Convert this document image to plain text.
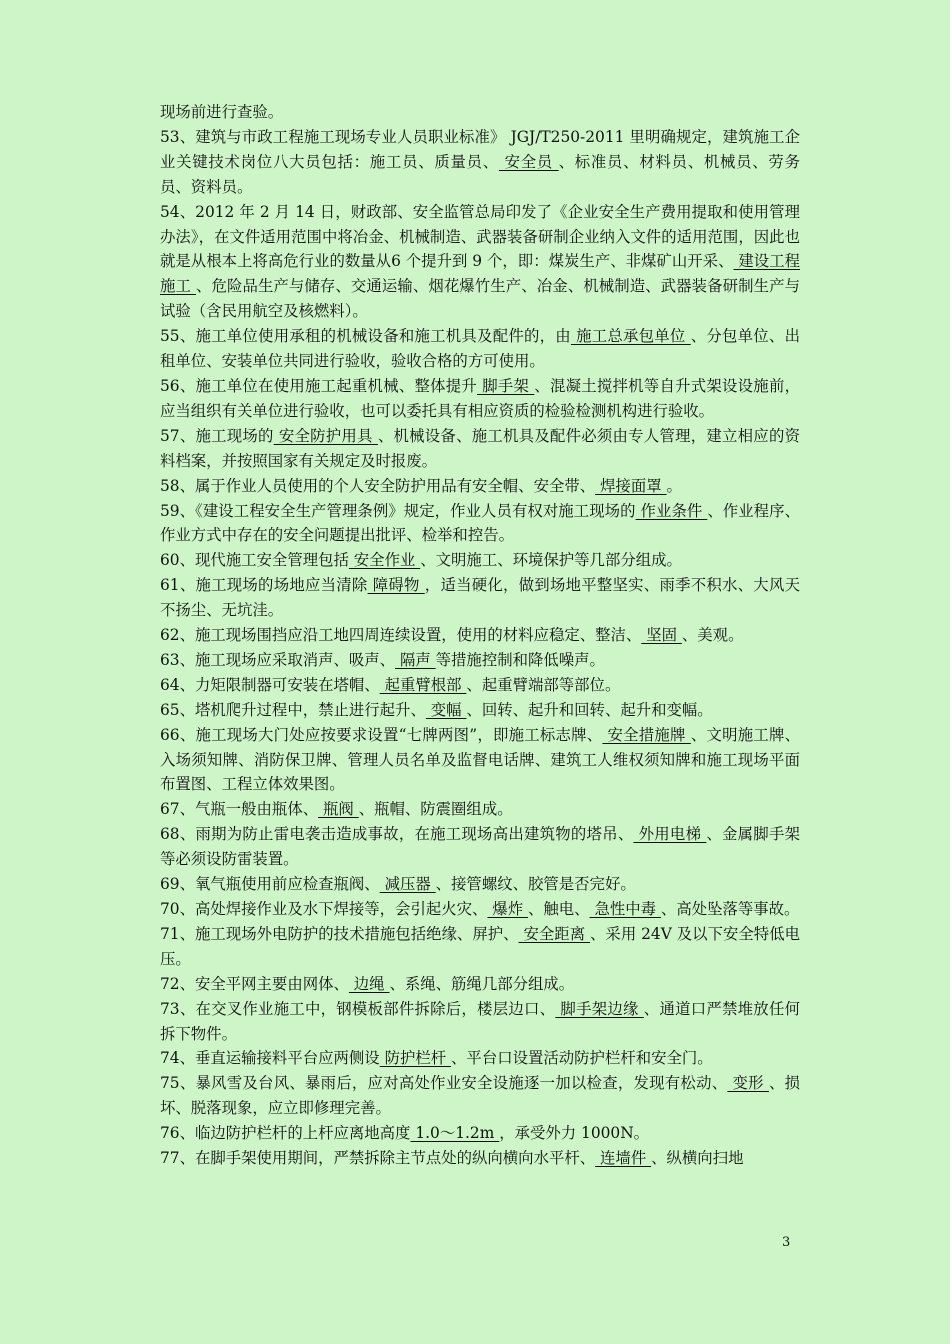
现场前进行查验。

53、建筑与市政工程施工现场专业人员职业标准》 JGJ/T250-2011 里明确规定，建筑施工企业关键技术岗位八大员包括：施工员、质量员、 安全员 、标准员、材料员、机械员、劳务员、资料员。

54、2012 年 2 月 14 日，财政部、安全监管总局印发了《企业安全生产费用提取和使用管理办法》，在文件适用范围中将冶金、机械制造、武器装备研制企业纳入文件的适用范围，因此也就是从根本上将高危行业的数量从6 个提升到 9 个，即：煤炭生产、非煤矿山开采、 建设工程施工 、危险品生产与储存、交通运输、烟花爆竹生产、冶金、机械制造、武器装备研制生产与试验（含民用航空及核燃料）。

55、施工单位使用承租的机械设备和施工机具及配件的，由 施工总承包单位 、分包单位、出租单位、安装单位共同进行验收，验收合格的方可使用。

56、施工单位在使用施工起重机械、整体提升 脚手架 、混凝土搅拌机等自升式架设设施前，应当组织有关单位进行验收，也可以委托具有相应资质的检验检测机构进行验收。

57、施工现场的 安全防护用具 、机械设备、施工机具及配件必须由专人管理，建立相应的资料档案，并按照国家有关规定及时报废。

58、属于作业人员使用的个人安全防护用品有安全帽、安全带、 焊接面罩 。

59、《建设工程安全生产管理条例》规定，作业人员有权对施工现场的 作业条件 、作业程序、作业方式中存在的安全问题提出批评、检举和控告。

60、现代施工安全管理包括 安全作业 、文明施工、环境保护等几部分组成。

61、施工现场的场地应当清除 障碍物 ，适当硬化，做到场地平整坚实、雨季不积水、大风天不扬尘、无坑洼。

62、施工现场围挡应沿工地四周连续设置，使用的材料应稳定、整洁、 坚固 、美观。

63、施工现场应采取消声、吸声、 隔声 等措施控制和降低噪声。

64、力矩限制器可安装在塔帽、 起重臂根部 、起重臂端部等部位。

65、塔机爬升过程中，禁止进行起升、 变幅 、回转、起升和回转、起升和变幅。

66、施工现场大门处应按要求设置“七牌两图”，即施工标志牌、 安全措施牌 、文明施工牌、入场须知牌、消防保卫牌、管理人员名单及监督电话牌、建筑工人维权须知牌和施工现场平面布置图、工程立体效果图。

67、气瓶一般由瓶体、 瓶阀 、瓶帽、防震圈组成。

68、雨期为防止雷电袭击造成事故，在施工现场高出建筑物的塔吊、 外用电梯 、金属脚手架等必须设防雷装置。

69、氧气瓶使用前应检查瓶阀、 减压器 、接管螺纹、胶管是否完好。

70、高处焊接作业及水下焊接等，会引起火灾、 爆炸 、触电、 急性中毒 、高处坠落等事故。

71、施工现场外电防护的技术措施包括绝缘、屏护、 安全距离 、采用 24V 及以下安全特低电压。

72、安全平网主要由网体、 边绳 、系绳、筋绳几部分组成。

73、在交叉作业施工中，钢模板部件拆除后，楼层边口、 脚手架边缘 、通道口严禁堆放任何拆下物件。

74、垂直运输接料平台应两侧设 防护栏杆 、平台口设置活动防护栏杆和安全门。

75、暴风雪及台风、暴雨后，应对高处作业安全设施逐一加以检查，发现有松动、 变形 、损坏、脱落现象，应立即修理完善。

76、临边防护栏杆的上杆应离地高度 1.0～1.2m ，承受外力 1000N。

77、在脚手架使用期间，严禁拆除主节点处的纵向横向水平杆、 连墙件 、纵横向扫地

3
